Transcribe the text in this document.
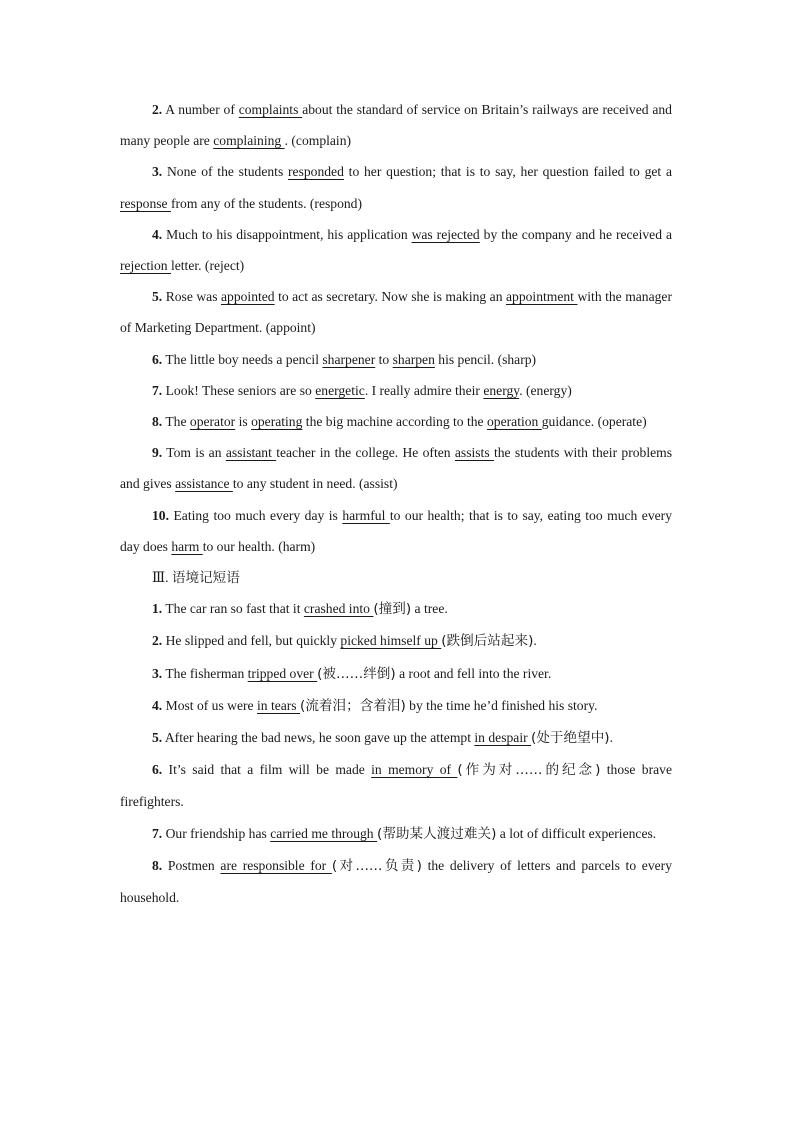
2. A number of complaints about the standard of service on Britain’s railways are received and many people are complaining . (complain)

3. None of the students responded to her question; that is to say, her question failed to get a response from any of the students. (respond)

4. Much to his disappointment, his application was rejected by the company and he received a rejection letter. (reject)

5. Rose was appointed to act as secretary. Now she is making an appointment with the manager of Marketing Department. (appoint)

6. The little boy needs a pencil sharpener to sharpen his pencil. (sharp)

7. Look! These seniors are so energetic. I really admire their energy. (energy)

8. The operator is operating the big machine according to the operation guidance. (operate)

9. Tom is an assistant teacher in the college. He often assists the students with their problems and gives assistance to any student in need. (assist)

10. Eating too much every day is harmful to our health; that is to say, eating too much every day does harm to our health. (harm)

Ⅲ. 语境记短语

1. The car ran so fast that it crashed into (撞到) a tree.

2. He slipped and fell, but quickly picked himself up (跌倒后站起来).

3. The fisherman tripped over (被……绊倒) a root and fell into the river.

4. Most of us were in tears (流着泪；含着泪) by the time he’d finished his story.

5. After hearing the bad news, he soon gave up the attempt in despair (处于绝望中).

6. It’s said that a film will be made in memory of (作为对……的纪念) those brave firefighters.

7. Our friendship has carried me through (帮助某人渡过难关) a lot of difficult experiences.

8. Postmen are responsible for (对……负责) the delivery of letters and parcels to every household.
